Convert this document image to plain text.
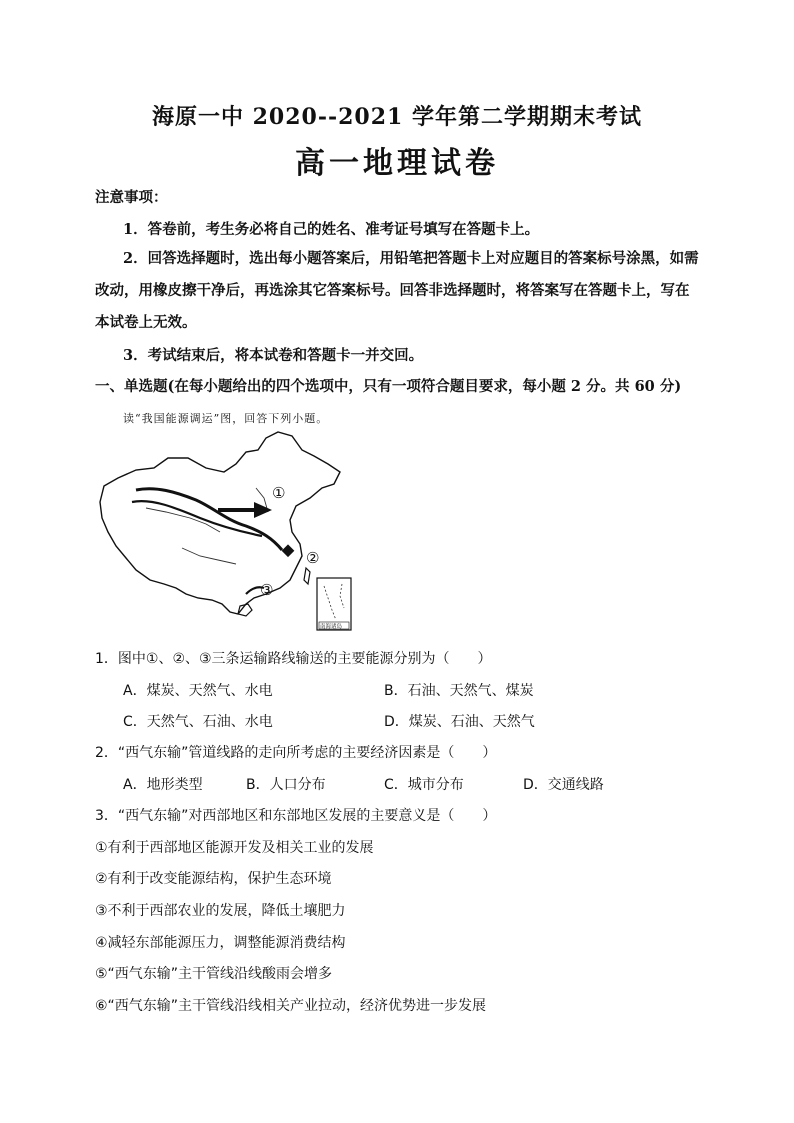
海原一中 2020--2021 学年第二学期期末考试
高一地理试卷
注意事项：
1．答卷前，考生务必将自己的姓名、准考证号填写在答题卡上。
2．回答选择题时，选出每小题答案后，用铅笔把答题卡上对应题目的答案标号涂黑，如需改动，用橡皮擦干净后，再选涂其它答案标号。回答非选择题时，将答案写在答题卡上，写在本试卷上无效。
3．考试结束后，将本试卷和答题卡一并交回。
一、单选题(在每小题给出的四个选项中，只有一项符合题目要求，每小题 2 分。共 60 分)
读“我国能源调运”图，回答下列小题。
①
②
③
南海诸岛
1．图中①、②、③三条运输路线输送的主要能源分别为（　　）
A．煤炭、天然气、水电	B．石油、天然气、煤炭
C．天然气、石油、水电	D．煤炭、石油、天然气
2．“西气东输”管道线路的走向所考虑的主要经济因素是（　　）
A．地形类型	B．人口分布	C．城市分布	D．交通线路
3．“西气东输”对西部地区和东部地区发展的主要意义是（　　）
①有利于西部地区能源开发及相关工业的发展
②有利于改变能源结构，保护生态环境
③不利于西部农业的发展，降低土壤肥力
④减轻东部能源压力，调整能源消费结构
⑤“西气东输”主干管线沿线酸雨会增多
⑥“西气东输”主干管线沿线相关产业拉动，经济优势进一步发展
